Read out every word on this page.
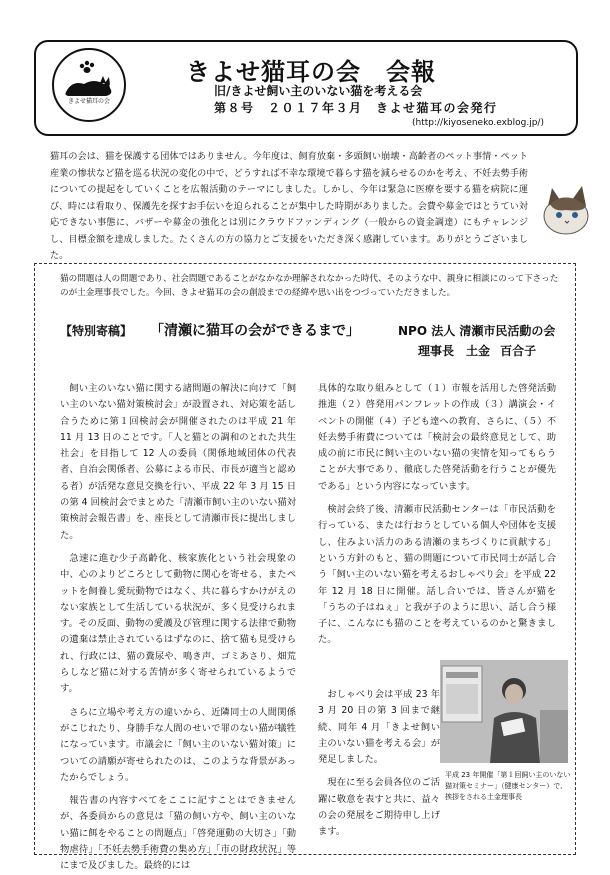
きよせ猫耳の会
きよせ猫耳の会　会報
旧/きよせ飼い主のいない猫を考える会
第８号　２０１７年３月　きよせ猫耳の会発行
(http://kiyoseneko.exblog.jp/)
猫耳の会は、猫を保護する団体ではありません。今年度は、飼育放棄・多頭飼い崩壊・高齢者のペット事情・ペット産業の惨状など猫を巡る状況の変化の中で、どうすれば不幸な環境で暮らす猫を減らせるのかを考え、不妊去勢手術についての提起をしていくことを広報活動のテーマにしました。しかし、今年は緊急に医療を要する猫を病院に運び、時には看取り、保護先を探すお手伝いを迫られることが集中した時期がありました。会費や募金ではとうてい対応できない事態に、バザーや募金の強化とは別にクラウドファンディング（一般からの資金調達）にもチャレンジし、目標金額を達成しました。たくさんの方の協力とご支援をいただき深く感謝しています。ありがとうございました。
猫の問題は人の問題であり、社会問題であることがなかなか理解されなかった時代、そのような中、親身に相談にのって下さったのが土金理事長でした。今回、きよせ猫耳の会の創設までの経緯や思い出をつづっていただきました。
【特別寄稿】 「清瀬に猫耳の会ができるまで」	NPO 法人 清瀬市民活動の会
理事長　土金 百合子

飼い主のいない猫に関する諸問題の解決に向けて「飼い主のいない猫対策検討会」が設置され、対応策を話し合うために第１回検討会が開催されたのは平成 21 年 11 月 13 日のことです。「人と猫との調和のとれた共生社会」を目指して 12 人の委員（関係地域団体の代表者、自治会関係者、公募による市民、市長が適当と認める者）が活発な意見交換を行い、平成 22 年 3 月 15 日の第 4 回検討会でまとめた「清瀬市飼い主のいない猫対策検討会報告書」を、座長として清瀬市長に提出しました。

急速に進む少子高齢化、核家族化という社会現象の中、心のよりどころとして動物に関心を寄せる、またペットを飼養し愛玩動物ではなく、共に暮らすかけがえのない家族として生活している状況が、多く見受けられます。その反面、動物の愛護及び管理に関する法律で動物の遺棄は禁止されているはずなのに、捨て猫も見受けられ、行政には、猫の糞尿や、鳴き声、ゴミあさり、畑荒らしなど猫に対する苦情が多く寄せられているようです。

さらに立場や考え方の違いから、近隣同士の人間関係がこじれたり、身勝手な人間のせいで罪のない猫が犠牲になっています。市議会に「飼い主のいない猫対策」についての請願が寄せられたのは、このような背景があったからでしょう。

報告書の内容すべてをここに記すことはできませんが、各委員からの意見は「猫の飼い方や、飼い主のいない猫に餌をやることの問題点」「啓発運動の大切さ」「動物虐待」「不妊去勢手術費の集め方」「市の財政状況」等にまで及びました。最終的には

具体的な取り組みとして（１）市報を活用した啓発活動推進（２）啓発用パンフレットの作成（３）講演会・イベントの開催（４）子ども達への教育、さらに、（５）不妊去勢手術費については「検討会の最終意見として、助成の前に市民に飼い主のいない猫の実情を知ってもらうことが大事であり、徹底した啓発活動を行うことが優先である」という内容になっています。

検討会終了後、清瀬市民活動センターは「市民活動を行っている、または行おうとしている個人や団体を支援し、住みよい活力のある清瀬のまちづくりに貢献する」という方針のもと、猫の問題について市民同士が話し合う「飼い主のいない猫を考えるおしゃべり会」を平成 22 年 12 月 18 日に開催。話し合いでは、皆さんが猫を「うちの子はねぇ」と我が子のように思い、話し合う様子に、こんなにも猫のことを考えているのかと驚きました。

おしゃべり会は平成 23 年 3 月 20 日の第 3 回まで継続、同年 4 月「きよせ飼い主のいない猫を考える会」が発足しました。

現在に至る会員各位のご活躍に敬意を表すと共に、益々の会の発展をご期待申し上げます。

平成 23 年開催「第１回飼い主のいない猫対策セミナー」（健康センター）で、挨拶をされる土金理事長
